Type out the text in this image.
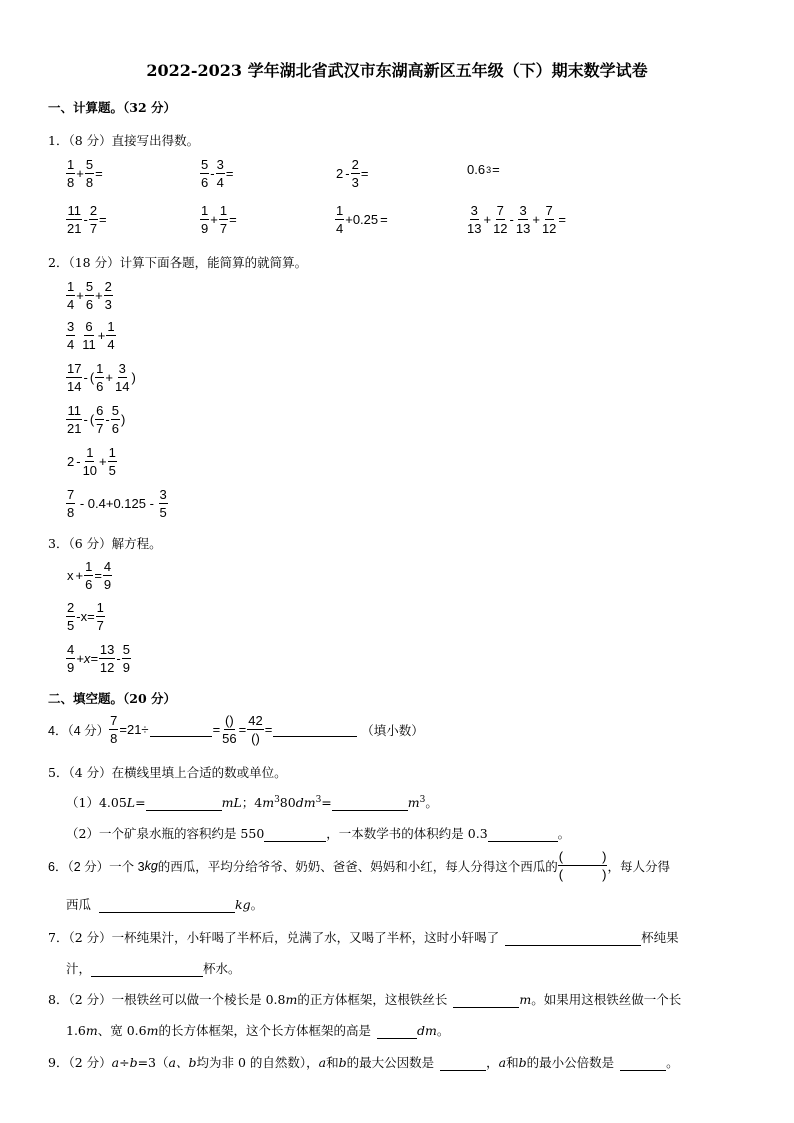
2022-2023 学年湖北省武汉市东湖高新区五年级（下）期末数学试卷
一、计算题。（32 分）
1．（8 分）直接写出得数。
$\frac{1}{8} + \frac{5}{8}$ =	$\frac{5}{6} - \frac{3}{4}$ =	$2 - \frac{2}{3}$ =	0.6 3 =
$\frac{11}{21} - \frac{2}{7}$ =	$\frac{1}{9} + \frac{1}{7}$ =	$\frac{1}{4} +0.25$ =	$\frac{3}{13} + \frac{7}{12} - \frac{3}{13} + \frac{7}{12}$ =
2．（18 分）计算下面各题，能简算的就简算。
$\frac{1}{4} + \frac{5}{6} + \frac{2}{3}$
$\frac{3}{4} \frac{6}{11} + \frac{1}{4}$
$\frac{17}{14}$ - ( $\frac{1}{6} + \frac{3}{14}$ )
$\frac{11}{21}$ - ( $\frac{6}{7} - \frac{5}{6}$ )
$2 - \frac{1}{10} + \frac{1}{5}$
$\frac{7}{8} - 0.4+0.125 - \frac{3}{5}$
3．（6 分）解方程。
$x + \frac{1}{6} = \frac{4}{9}$
$\frac{2}{5} -x= \frac{1}{7}$
$\frac{4}{9} +x= \frac{13}{12} - \frac{5}{9}$
二、填空题。（20 分）
4．（4 分） $\frac{7}{8} =21\div$	= $\frac{()}{56} = \frac{42}{()}$ =	（填小数）
5．（4 分）在横线里填上合适的数或单位。
（1）4.05L=	mL；$4m^380dm^3=$	$m^3$。
（2）一个矿泉水瓶的容积约是 550	，一本数学书的体积约是 0.3	。
6．（2 分）一个 3 kg 的西瓜，平均分给爷爷、奶奶、爸爸、妈妈和小红，每人分得这个西瓜的 $\frac{( )}{( )}$ ，每人分得
西瓜	kg。
7．（2 分）一杯纯果汁，小轩喝了半杯后，兑满了水，又喝了半杯，这时小轩喝了	杯纯果
汁，	杯水。
8．（2 分）一根铁丝可以做一个棱长是 0.8m的正方体框架，这根铁丝长	m。如果用这根铁丝做一个长
1.6m、宽 0.6m的长方体框架，这个长方体框架的高是	dm。
9．（2 分）a÷b=3（a、b均为非 0 的自然数），a和b的最大公因数是	，a和b的最小公倍数是	。
